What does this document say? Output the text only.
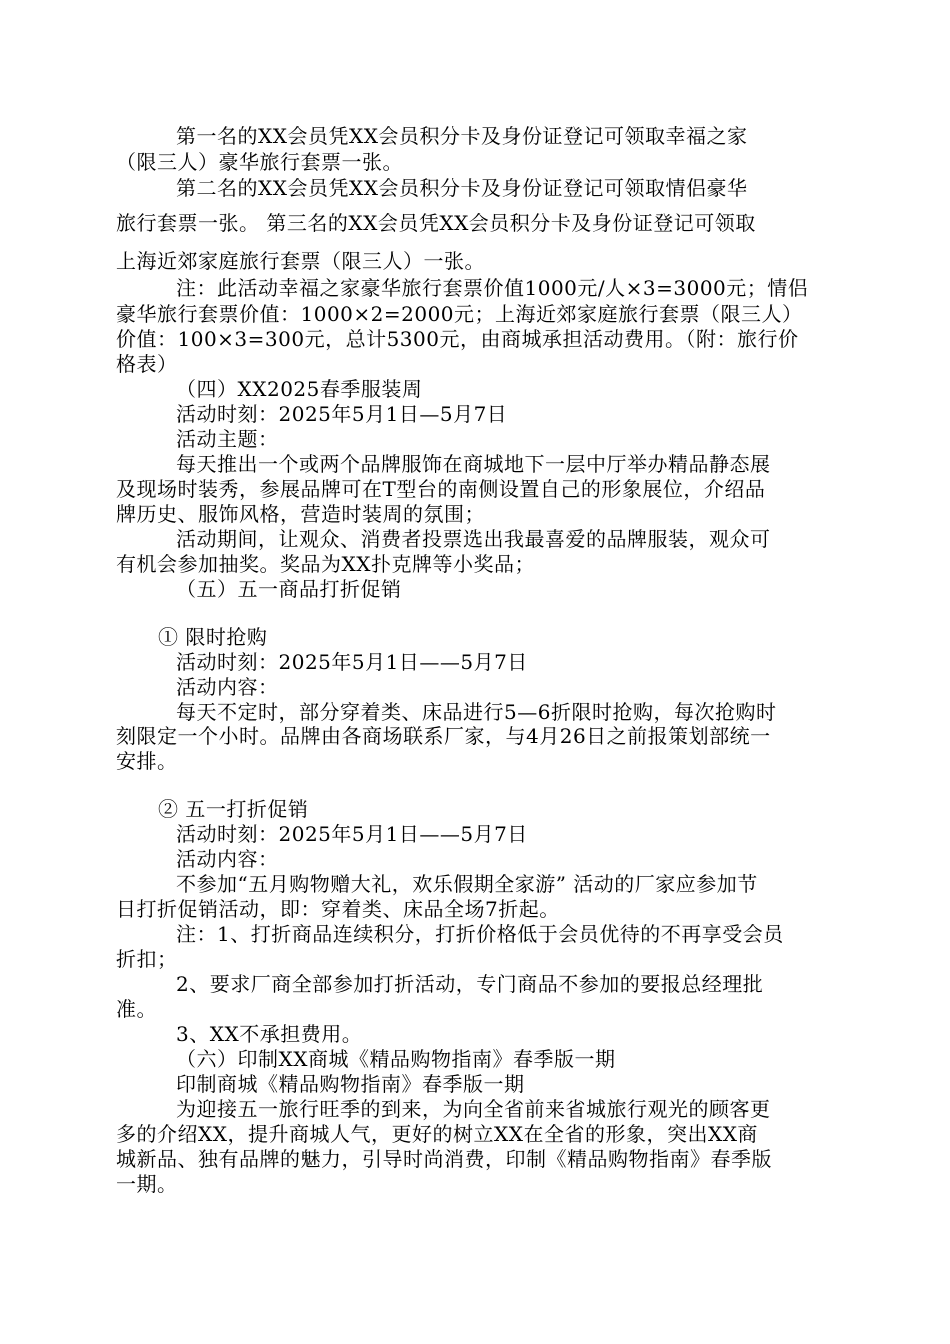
第一名的XX会员凭XX会员积分卡及身份证登记可领取幸福之家
（限三人）豪华旅行套票一张。
第二名的XX会员凭XX会员积分卡及身份证登记可领取情侣豪华
旅行套票一张。 第三名的XX会员凭XX会员积分卡及身份证登记可领取
上海近郊家庭旅行套票（限三人）一张。
注：此活动幸福之家豪华旅行套票价值1000元/人×3=3000元；情侣
豪华旅行套票价值：1000×2=2000元；上海近郊家庭旅行套票（限三人）
价值：100×3=300元，总计5300元，由商城承担活动费用。（附：旅行价
格表）
（四）XX2025春季服装周
活动时刻：2025年5月1日—5月7日
活动主题：
每天推出一个或两个品牌服饰在商城地下一层中厅举办精品静态展
及现场时装秀，参展品牌可在T型台的南侧设置自己的形象展位，介绍品
牌历史、服饰风格，营造时装周的氛围；
活动期间，让观众、消费者投票选出我最喜爱的品牌服装，观众可
有机会参加抽奖。奖品为XX扑克牌等小奖品；
（五）五一商品打折促销
① 限时抢购
活动时刻：2025年5月1日——5月7日
活动内容：
每天不定时，部分穿着类、床品进行5—6折限时抢购，每次抢购时
刻限定一个小时。品牌由各商场联系厂家，与4月26日之前报策划部统一
安排。
② 五一打折促销
活动时刻：2025年5月1日——5月7日
活动内容：
不参加“五月购物赠大礼，欢乐假期全家游” 活动的厂家应参加节
日打折促销活动，即：穿着类、床品全场7折起。
注：1、打折商品连续积分，打折价格低于会员优待的不再享受会员
折扣；
2、要求厂商全部参加打折活动，专门商品不参加的要报总经理批
准。
3、XX不承担费用。
（六）印制XX商城《精品购物指南》春季版一期
印制商城《精品购物指南》春季版一期
为迎接五一旅行旺季的到来，为向全省前来省城旅行观光的顾客更
多的介绍XX，提升商城人气，更好的树立XX在全省的形象，突出XX商
城新品、独有品牌的魅力，引导时尚消费，印制《精品购物指南》春季版
一期。
